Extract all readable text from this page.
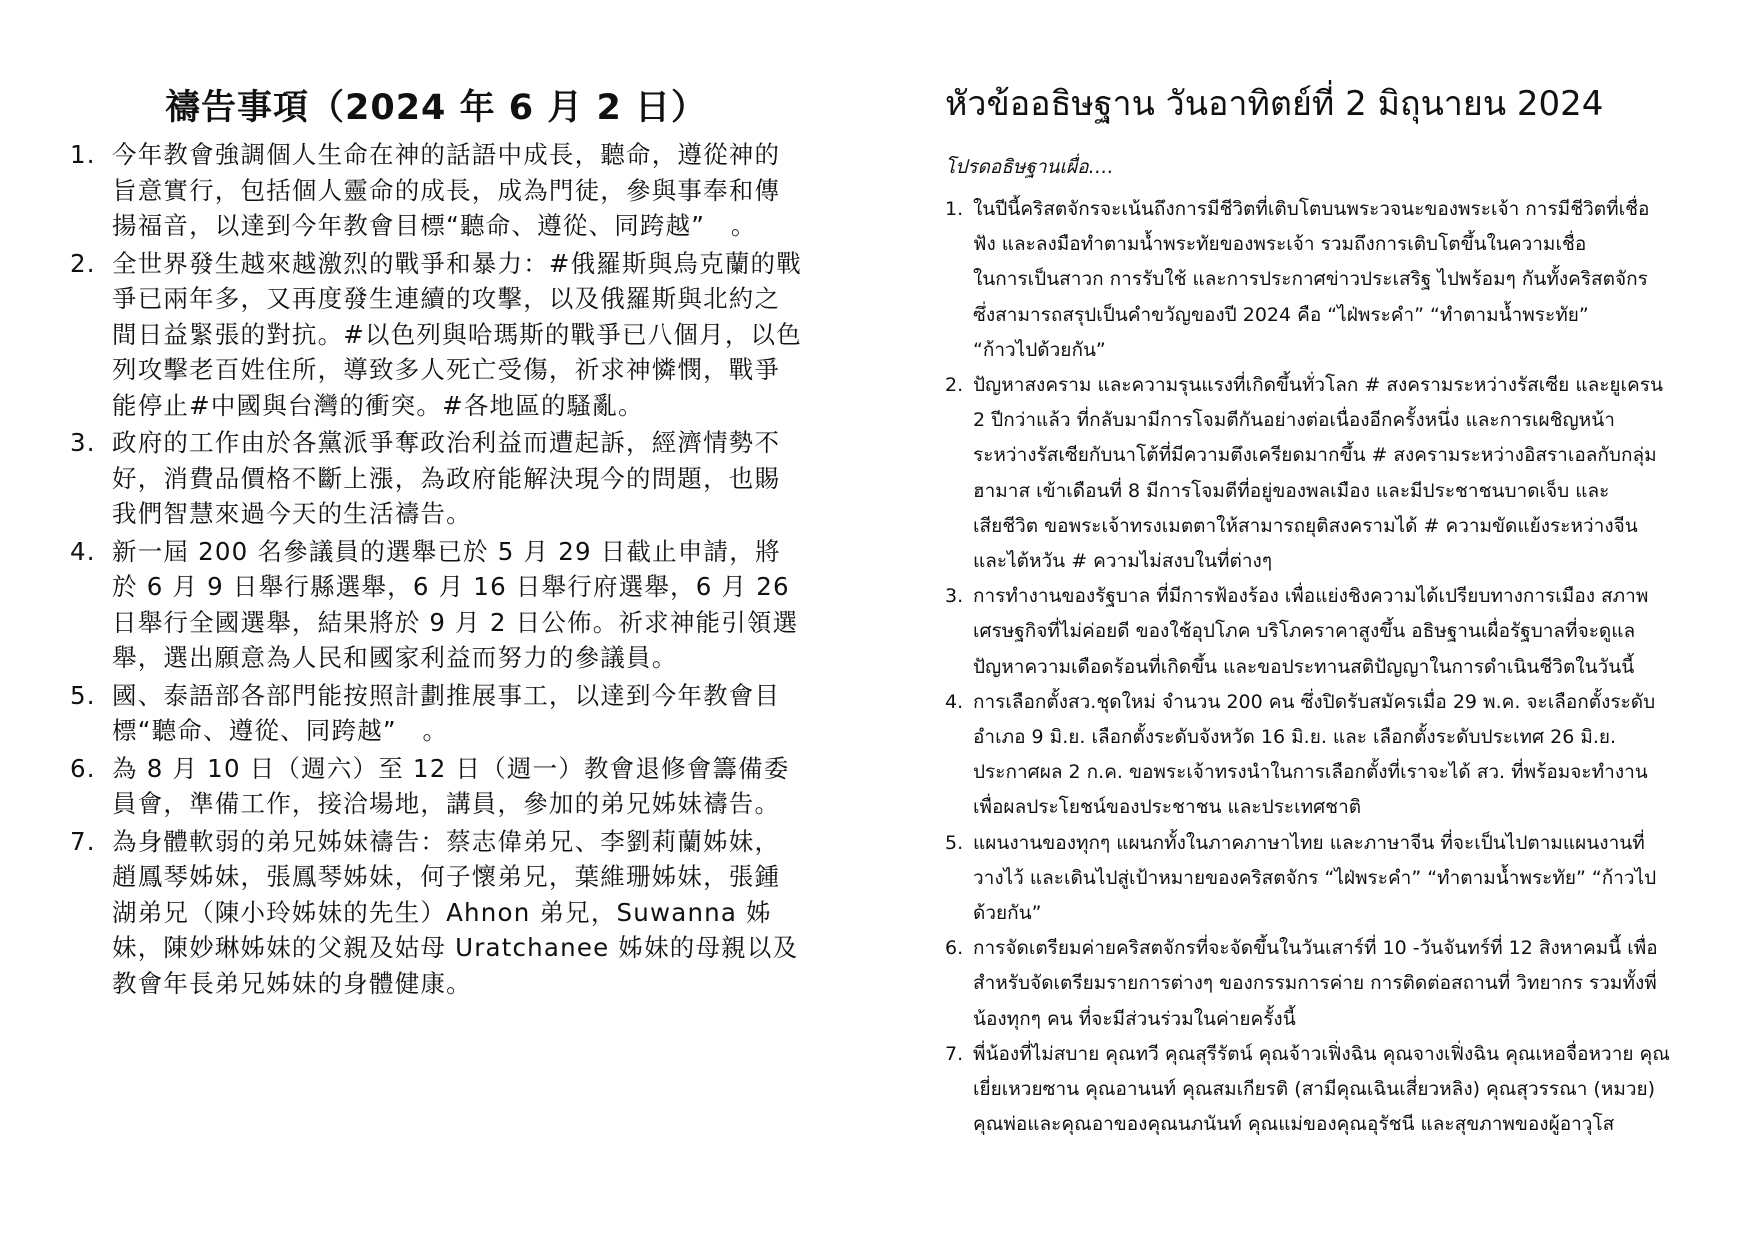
禱告事項（2024 年 6 月 2 日）
1. 今年教會強調個人生命在神的話語中成長，聽命，遵從神的旨意實行，包括個人靈命的成長，成為門徒，參與事奉和傳揚福音，以達到今年教會目標“聽命、遵從、同跨越”　。
2. 全世界發生越來越激烈的戰爭和暴力：#俄羅斯與烏克蘭的戰爭已兩年多，又再度發生連續的攻擊，以及俄羅斯與北約之間日益緊張的對抗。#以色列與哈瑪斯的戰爭已八個月，以色列攻擊老百姓住所，導致多人死亡受傷，祈求神憐憫，戰爭能停止#中國與台灣的衝突。#各地區的騷亂。
3. 政府的工作由於各黨派爭奪政治利益而遭起訴，經濟情勢不好，消費品價格不斷上漲，為政府能解決現今的問題，也賜我們智慧來過今天的生活禱告。
4. 新一屆 200 名參議員的選舉已於 5 月 29 日截止申請，將於 6 月 9 日舉行縣選舉，6 月 16 日舉行府選舉，6 月 26 日舉行全國選舉，結果將於 9 月 2 日公佈。祈求神能引領選舉，選出願意為人民和國家利益而努力的參議員。
5. 國、泰語部各部門能按照計劃推展事工，以達到今年教會目標“聽命、遵從、同跨越”　。
6. 為 8 月 10 日（週六）至 12 日（週一）教會退修會籌備委員會，準備工作，接洽場地，講員，參加的弟兄姊妹禱告。
7. 為身體軟弱的弟兄姊妹禱告：蔡志偉弟兄、李劉莉蘭姊妹，趙鳳琴姊妹，張鳳琴姊妹，何子懷弟兄，葉維珊姊妹，張鍾湖弟兄（陳小玲姊妹的先生）Ahnon 弟兄，Suwanna 姊妹，陳妙琳姊妹的父親及姑母 Uratchanee 姊妹的母親以及教會年長弟兄姊妹的身體健康。
หัวข้ออธิษฐาน วันอาทิตย์ที่ 2 มิถุนายน 2024

โปรดอธิษฐานเผื่อ….

1. ในปีนี้คริสตจักรจะเน้นถึงการมีชีวิตที่เติบโตบนพระวจนะของพระเจ้า การมีชีวิตที่เชื่อ
ฟัง และลงมือทำตามน้ำพระทัยของพระเจ้า รวมถึงการเติบโตขึ้นในความเชื่อ
ในการเป็นสาวก การรับใช้ และการประกาศข่าวประเสริฐ ไปพร้อมๆ กันทั้งคริสตจักร
ซึ่งสามารถสรุปเป็นคำขวัญของปี 2024 คือ “ไฝ่พระคำ” “ทำตามน้ำพระทัย”
“ก้าวไปด้วยกัน”
2. ปัญหาสงคราม และความรุนแรงที่เกิดขึ้นทั่วโลก # สงครามระหว่างรัสเซีย และยูเครน
2 ปีกว่าแล้ว ที่กลับมามีการโจมตีกันอย่างต่อเนื่องอีกครั้งหนึ่ง และการเผชิญหน้า
ระหว่างรัสเซียกับนาโต้ที่มีความตึงเครียดมากขึ้น # สงครามระหว่างอิสราเอลกับกลุ่ม
ฮามาส เข้าเดือนที่ 8 มีการโจมตีที่อยู่ของพลเมือง และมีประชาชนบาดเจ็บ และ
เสียชีวิต ขอพระเจ้าทรงเมตตาให้สามารถยุติสงครามได้ # ความขัดแย้งระหว่างจีน
และไต้หวัน # ความไม่สงบในที่ต่างๆ
3. การทำงานของรัฐบาล ที่มีการฟ้องร้อง เพื่อแย่งชิงความได้เปรียบทางการเมือง สภาพ
เศรษฐกิจที่ไม่ค่อยดี ของใช้อุปโภค บริโภคราคาสูงขึ้น อธิษฐานเผื่อรัฐบาลที่จะดูแล
ปัญหาความเดือดร้อนที่เกิดขึ้น และขอประทานสติปัญญาในการดำเนินชีวิตในวันนี้
4. การเลือกตั้งสว.ชุดใหม่ จำนวน 200 คน ซึ่งปิดรับสมัครเมื่อ 29 พ.ค. จะเลือกตั้งระดับ
อำเภอ 9 มิ.ย. เลือกตั้งระดับจังหวัด 16 มิ.ย. และ เลือกตั้งระดับประเทศ 26 มิ.ย.
ประกาศผล 2 ก.ค. ขอพระเจ้าทรงนำในการเลือกตั้งที่เราจะได้ สว. ที่พร้อมจะทำงาน
เพื่อผลประโยชน์ของประชาชน และประเทศชาติ
5. แผนงานของทุกๆ แผนกทั้งในภาคภาษาไทย และภาษาจีน ที่จะเป็นไปตามแผนงานที่
วางไว้ และเดินไปสู่เป้าหมายของคริสตจักร “ไฝ่พระคำ” “ทำตามน้ำพระทัย” “ก้าวไป
ด้วยกัน”
6. การจัดเตรียมค่ายคริสตจักรที่จะจัดขึ้นในวันเสาร์ที่ 10 -วันจันทร์ที่ 12 สิงหาคมนี้ เพื่อ
สำหรับจัดเตรียมรายการต่างๆ ของกรรมการค่าย การติดต่อสถานที่ วิทยากร รวมทั้งพี่
น้องทุกๆ คน ที่จะมีส่วนร่วมในค่ายครั้งนี้
7. พี่น้องที่ไม่สบาย คุณทวี คุณสุรีรัตน์ คุณจ้าวเฟิ่งฉิน คุณจางเฟิ่งฉิน คุณเหอจื่อหวาย คุณ
เยี่ยเหวยซาน คุณอานนท์ คุณสมเกียรติ (สามีคุณเฉินเสี่ยวหลิง) คุณสุวรรณา (หมวย)
คุณพ่อและคุณอาของคุณนภนันท์ คุณแม่ของคุณอุรัชนี และสุขภาพของผู้อาวุโส
